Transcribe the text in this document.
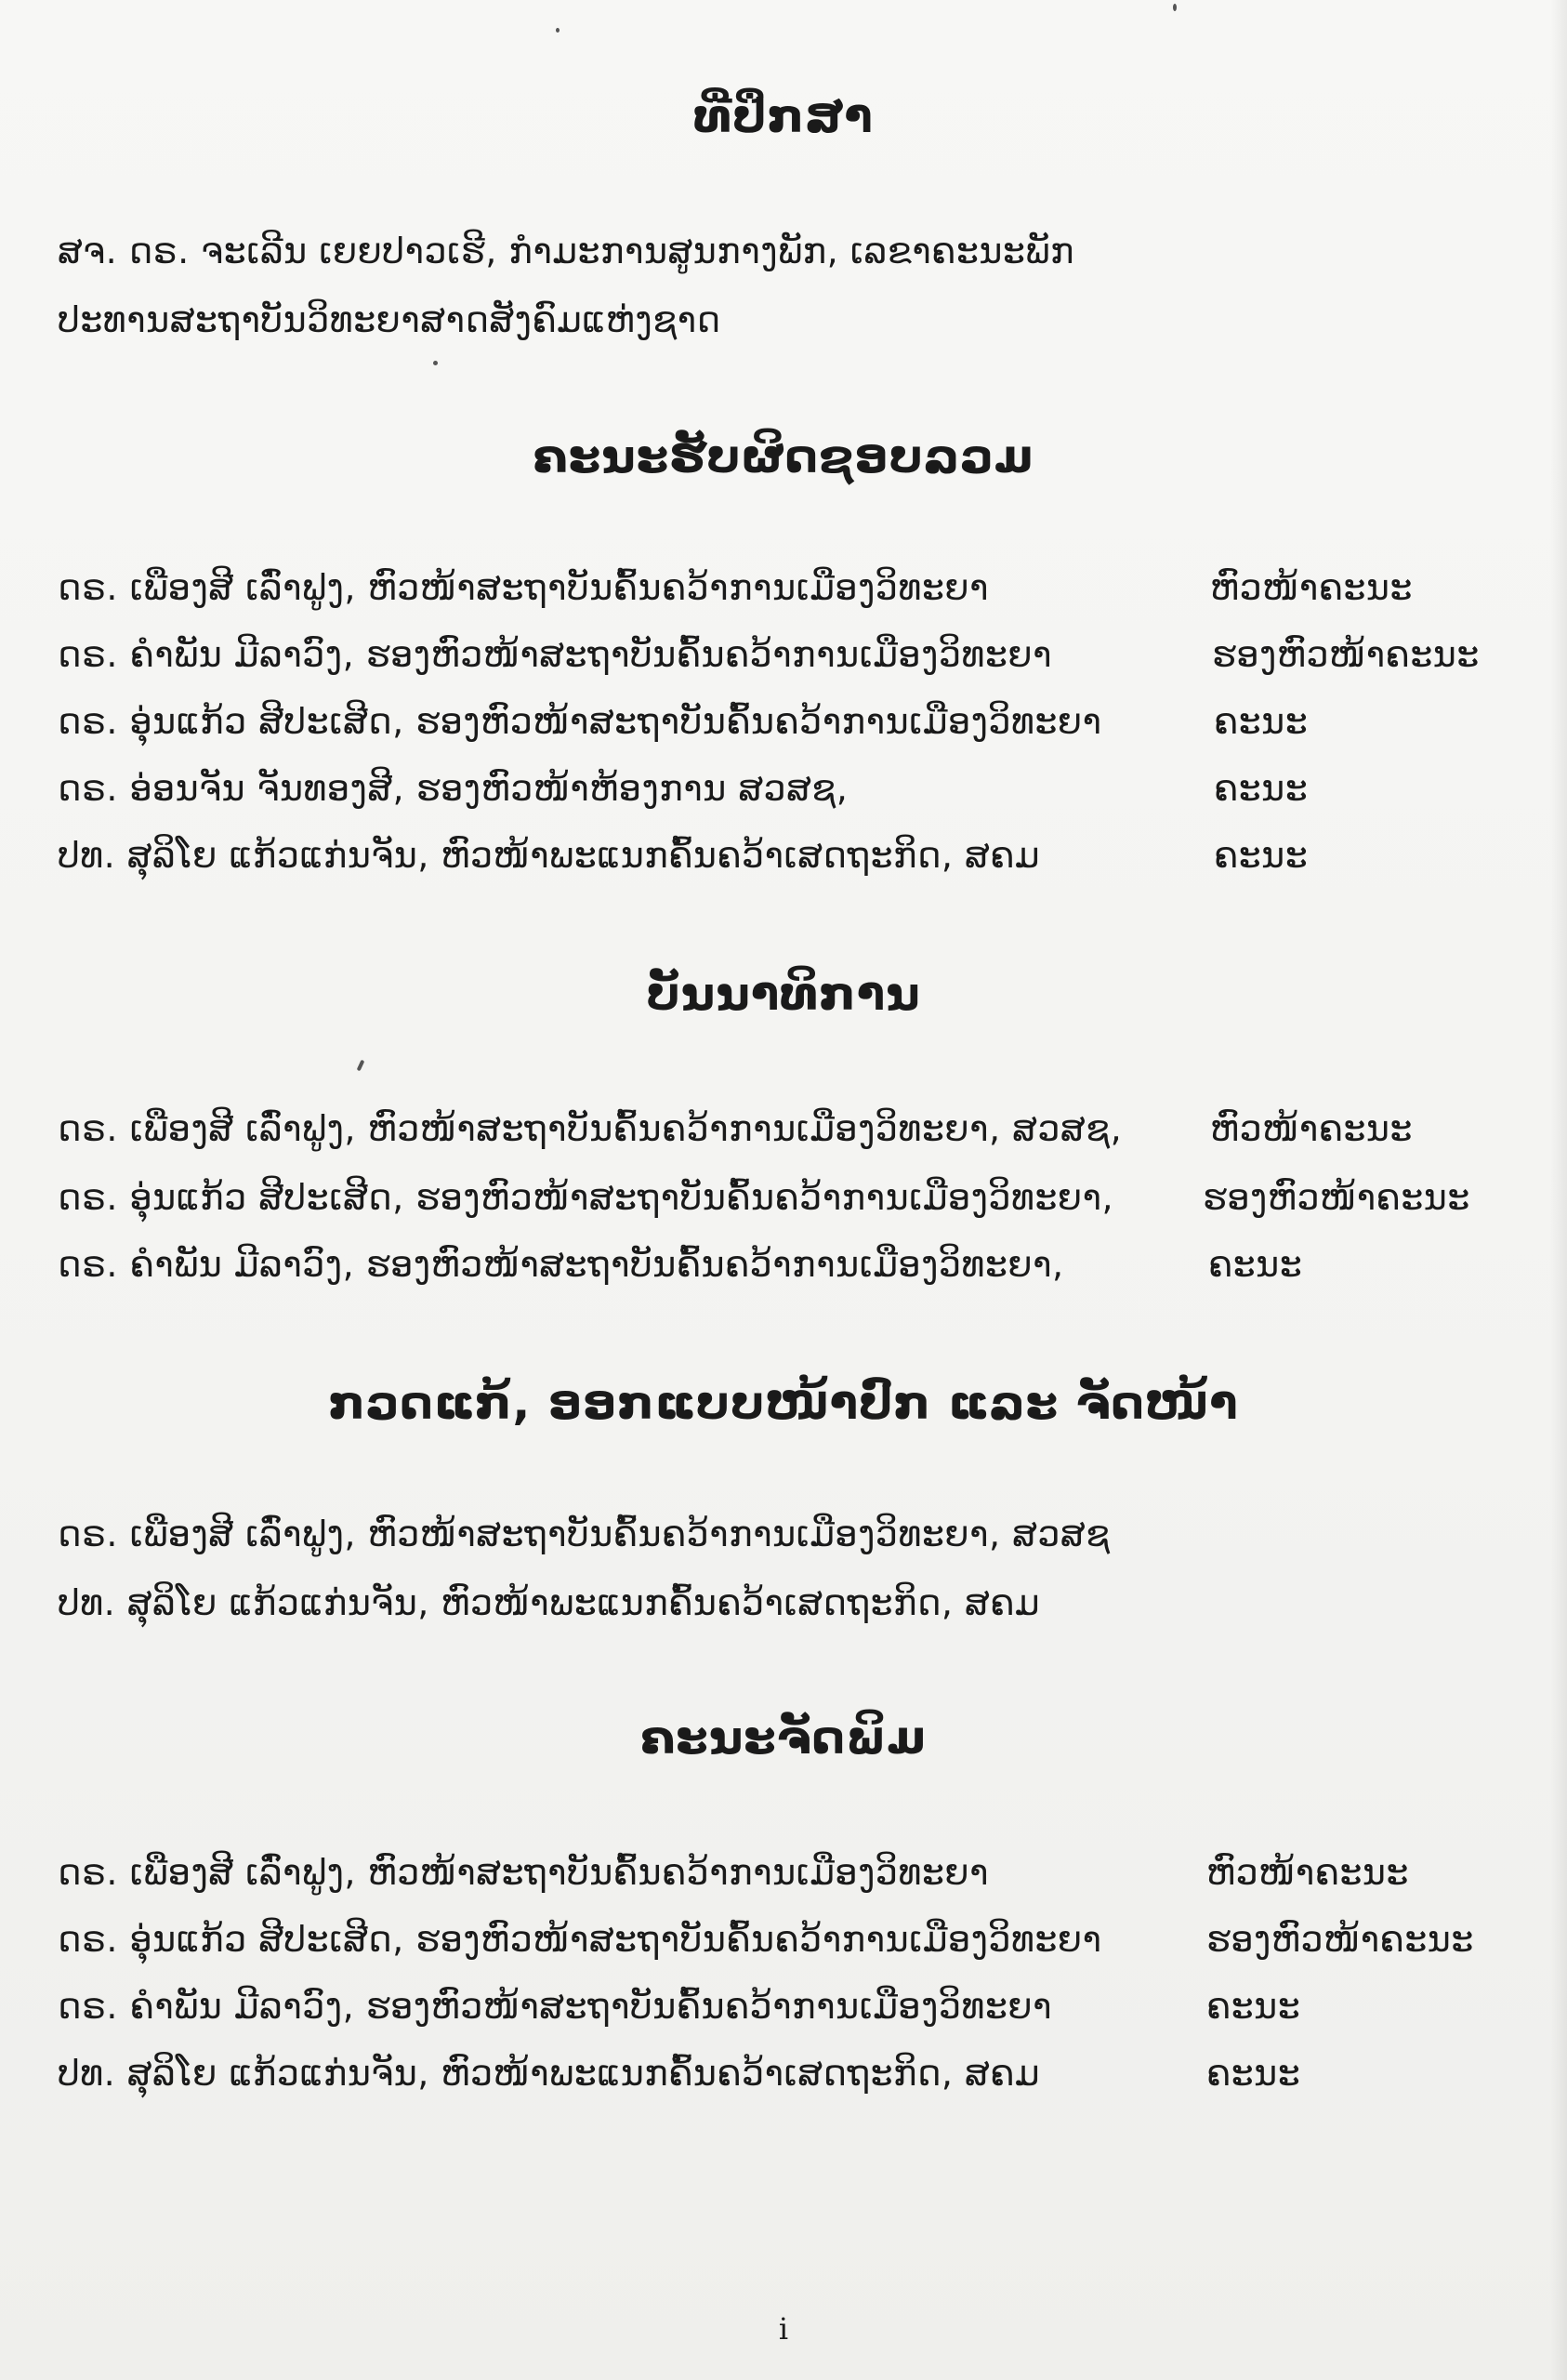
ທີ່ປຶກສາ
ສຈ. ດຣ. ຈະເລີນ ເຍຍປາວເຮີ, ກໍາມະການສູນກາງພັກ, ເລຂາຄະນະພັກ
ປະທານສະຖາບັນວິທະຍາສາດສັງຄົມແຫ່ງຊາດ
ຄະນະຮັບຜິດຊອບລວມ
ດຣ. ເພືອງສີ ເລົ່າຟູງ, ຫົວໜ້າສະຖາບັນຄົ້ນຄວ້າການເມືອງວິທະຍາ	ຫົວໜ້າຄະນະ
ດຣ. ຄໍາພັນ ມີລາວົງ, ຮອງຫົວໜ້າສະຖາບັນຄົ້ນຄວ້າການເມືອງວິທະຍາ	ຮອງຫົວໜ້າຄະນະ
ດຣ. ອຸ່ນແກ້ວ ສີປະເສີດ, ຮອງຫົວໜ້າສະຖາບັນຄົ້ນຄວ້າການເມືອງວິທະຍາ	ຄະນະ
ດຣ. ອ່ອນຈັນ ຈັນທອງສີ, ຮອງຫົວໜ້າຫ້ອງການ ສວສຊ,	ຄະນະ
ປທ. ສຸລິໂຍ ແກ້ວແກ່ນຈັນ, ຫົວໜ້າພະແນກຄົ້ນຄວ້າເສດຖະກິດ, ສຄມ	ຄະນະ
ບັນນາທິການ
ດຣ. ເພືອງສີ ເລົ່າຟູງ, ຫົວໜ້າສະຖາບັນຄົ້ນຄວ້າການເມືອງວິທະຍາ, ສວສຊ, ຫົວໜ້າຄະນະ
ດຣ. ອຸ່ນແກ້ວ ສີປະເສີດ, ຮອງຫົວໜ້າສະຖາບັນຄົ້ນຄວ້າການເມືອງວິທະຍາ,	ຮອງຫົວໜ້າຄະນະ
ດຣ. ຄໍາພັນ ມີລາວົງ, ຮອງຫົວໜ້າສະຖາບັນຄົ້ນຄວ້າການເມືອງວິທະຍາ,	ຄະນະ
ກວດແກ້, ອອກແບບໜ້າປົກ ແລະ ຈັດໜ້າ
ດຣ. ເພືອງສີ ເລົ່າຟູງ, ຫົວໜ້າສະຖາບັນຄົ້ນຄວ້າການເມືອງວິທະຍາ, ສວສຊ
ປທ. ສຸລິໂຍ ແກ້ວແກ່ນຈັນ, ຫົວໜ້າພະແນກຄົ້ນຄວ້າເສດຖະກິດ, ສຄມ
ຄະນະຈັດພິມ
ດຣ. ເພືອງສີ ເລົ່າຟູງ, ຫົວໜ້າສະຖາບັນຄົ້ນຄວ້າການເມືອງວິທະຍາ	ຫົວໜ້າຄະນະ
ດຣ. ອຸ່ນແກ້ວ ສີປະເສີດ, ຮອງຫົວໜ້າສະຖາບັນຄົ້ນຄວ້າການເມືອງວິທະຍາ	ຮອງຫົວໜ້າຄະນະ
ດຣ. ຄໍາພັນ ມີລາວົງ, ຮອງຫົວໜ້າສະຖາບັນຄົ້ນຄວ້າການເມືອງວິທະຍາ	ຄະນະ
ປທ. ສຸລິໂຍ ແກ້ວແກ່ນຈັນ, ຫົວໜ້າພະແນກຄົ້ນຄວ້າເສດຖະກິດ, ສຄມ	ຄະນະ
i
